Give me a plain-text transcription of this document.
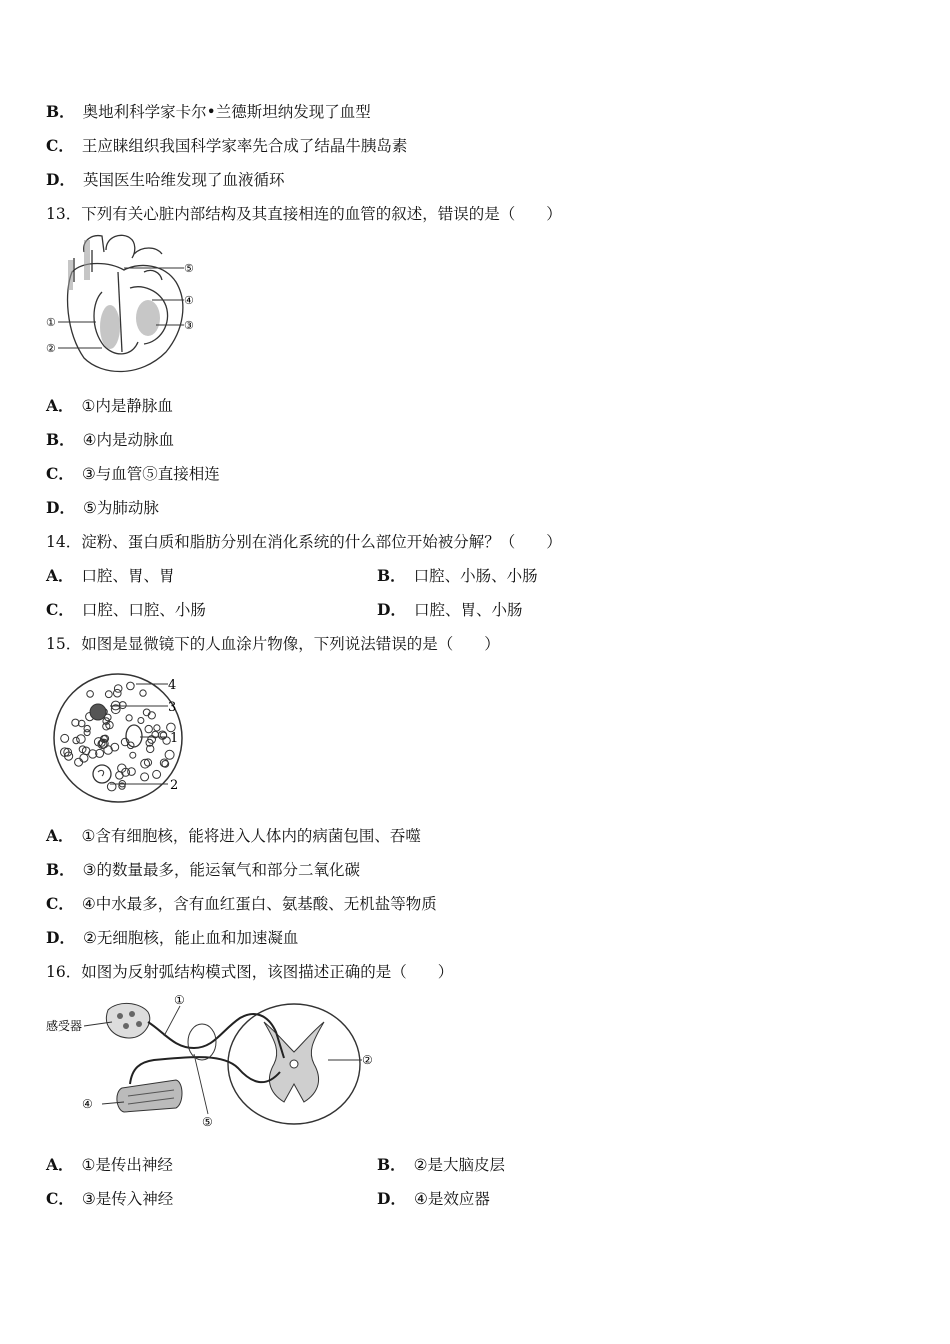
B． 奥地利科学家卡尔•兰德斯坦纳发现了血型
C． 王应睐组织我国科学家率先合成了结晶牛胰岛素
D． 英国医生哈维发现了血液循环
13．下列有关心脏内部结构及其直接相连的血管的叙述，错误的是（　　）
⑤
④
③
①
②
A． ①内是静脉血
B． ④内是动脉血
C． ③与血管⑤直接相连
D． ⑤为肺动脉
14．淀粉、蛋白质和脂肪分别在消化系统的什么部位开始被分解？（　　）
A． 口腔、胃、胃	B． 口腔、小肠、小肠
C． 口腔、口腔、小肠	D． 口腔、胃、小肠
15．如图是显微镜下的人血涂片物像，下列说法错误的是（　　）
4
3
1
2
A． ①含有细胞核，能将进入人体内的病菌包围、吞噬
B． ③的数量最多，能运氧气和部分二氧化碳
C． ④中水最多，含有血红蛋白、氨基酸、无机盐等物质
D． ②无细胞核，能止血和加速凝血
16．如图为反射弧结构模式图，该图描述正确的是（　　）
感受器
①
②
④
⑤
A． ①是传出神经	B． ②是大脑皮层
C． ③是传入神经	D． ④是效应器
